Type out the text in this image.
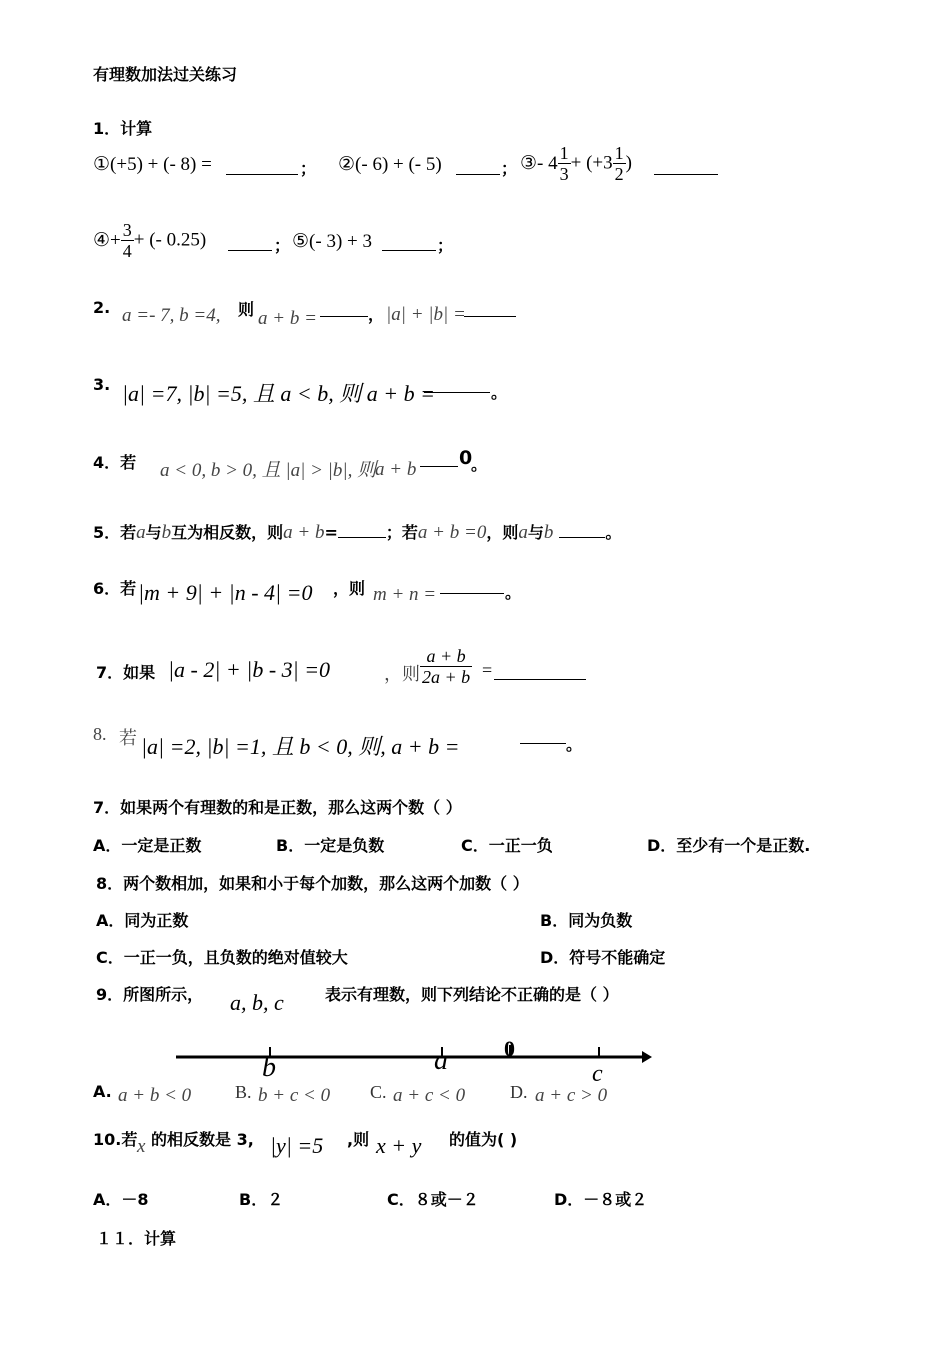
有理数加法过关练习
1．计算
①(+5) + (- 8) =	； ②(- 6) + (- 5)	； ③- $4 \frac{1}{3} + (+3 \frac{1}{2}$ )
④+ $\frac{3}{4}$ + (- 0.25)	； ⑤(- 3) + 3	；
2. a =- 7, b =4, 则 a + b =	， |a| + |b| =
3. |a| =7, |b| =5, 且 a < b, 则 a + b =	。
4．若 a < 0, b > 0, 且 |a| > |b|, 则
a + b
0
。
5．若a与b互为相反数，则a + b=	；若a + b =0，则a与b	。
6．若 |m + 9| + |n - 4| =0 ，则 m + n =	。
7．如果 |a - 2| + |b - 3| =0	，则 $\frac{a + b}{2a + b}$ =
8. 若 |a| =2, |b| =1, 且 b < 0, 则, a + b =	。
7．如果两个有理数的和是正数，那么这两个数（ ）
A．一定是正数	B．一定是负数	C．一正一负	D．至少有一个是正数.
8．两个数相加，如果和小于每个加数，那么这两个加数（ ）
A．同为正数	B．同为负数
C．一正一负，且负数的绝对值较大	D．符号不能确定
9．所图所示， a, b, c	表示有理数，则下列结论不正确的是（ ）
b	a	0
c
A. a + b < 0 B. b + c < 0 C. a + c < 0 D. a + c > 0
10.若 x 的相反数是 3, |y| =5 ,则 x + y 的值为( )
A．－8	B．２	C．８或－２	D．－８或２
１１．计算
